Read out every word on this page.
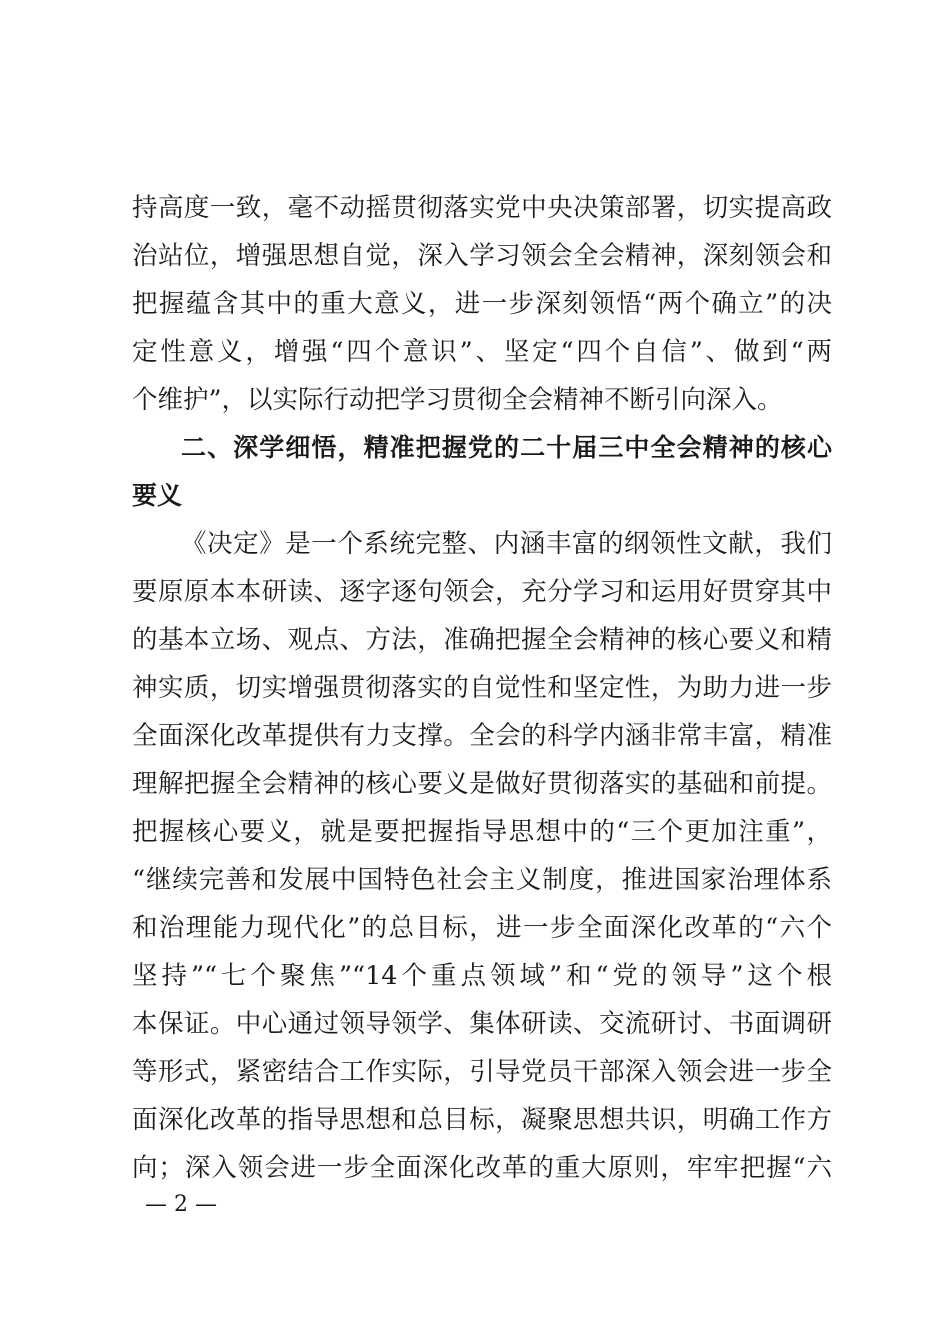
持高度一致，毫不动摇贯彻落实党中央决策部署，切实提高政
治站位，增强思想自觉，深入学习领会全会精神，深刻领会和
把握蕴含其中的重大意义，进一步深刻领悟“两个确立”的决
定性意义，增强“四个意识”、坚定“四个自信”、做到“两
个维护”，以实际行动把学习贯彻全会精神不断引向深入。
二、深学细悟，精准把握党的二十届三中全会精神的核心
要义
《决定》是一个系统完整、内涵丰富的纲领性文献，我们
要原原本本研读、逐字逐句领会，充分学习和运用好贯穿其中
的基本立场、观点、方法，准确把握全会精神的核心要义和精
神实质，切实增强贯彻落实的自觉性和坚定性，为助力进一步
全面深化改革提供有力支撑。全会的科学内涵非常丰富，精准
理解把握全会精神的核心要义是做好贯彻落实的基础和前提。
把握核心要义，就是要把握指导思想中的“三个更加注重”，
“继续完善和发展中国特色社会主义制度，推进国家治理体系
和治理能力现代化”的总目标，进一步全面深化改革的“六个
坚持”“七个聚焦”“14个重点领域”和“党的领导”这个根
本保证。中心通过领导领学、集体研读、交流研讨、书面调研
等形式，紧密结合工作实际，引导党员干部深入领会进一步全
面深化改革的指导思想和总目标，凝聚思想共识，明确工作方
向；深入领会进一步全面深化改革的重大原则，牢牢把握“六
— 2 —
